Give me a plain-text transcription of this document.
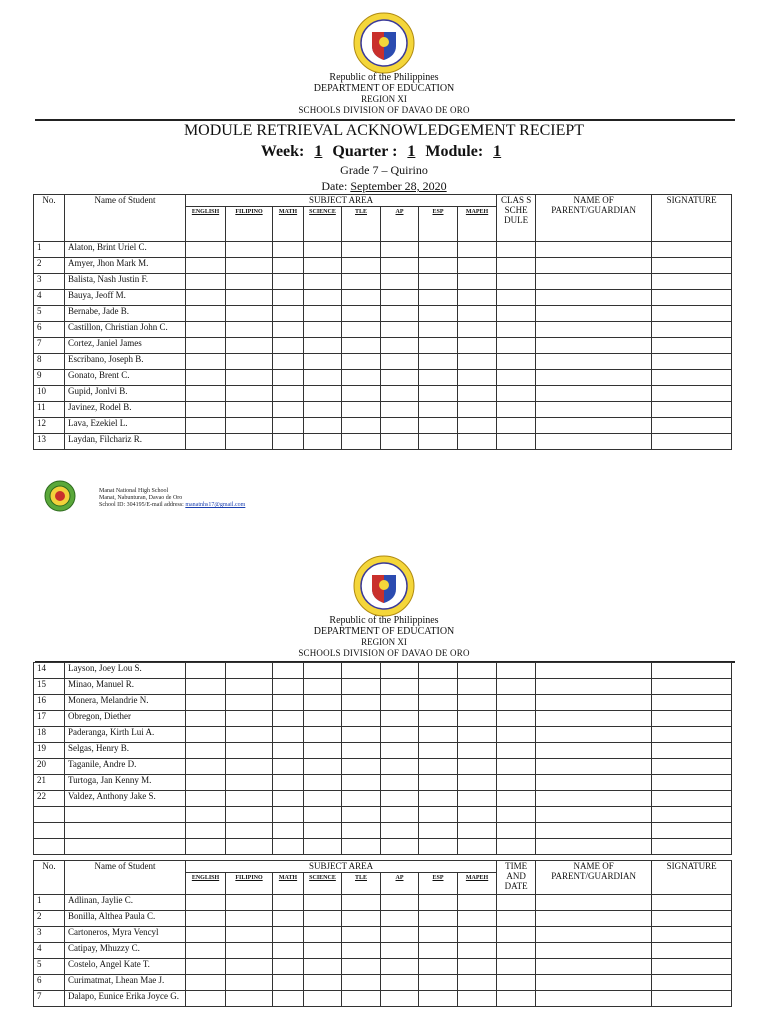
Republic of the Philippines
DEPARTMENT OF EDUCATION
REGION XI
SCHOOLS DIVISION OF DAVAO DE ORO
MODULE RETRIEVAL ACKNOWLEDGEMENT RECIEPT
Week: 1 Quarter : 1 Module: 1
Grade 7 – Quirino
Date: September 28, 2020
No.	Name of Student	SUBJECT AREA								CLAS S SCHE DULE	NAME OF PARENT/GUARDIAN	SIGNATURE
		ENGLISH	FILIPINO	MATH	SCIENCE	TLE	AP	ESP	MAPEH			
1	Alaton, Brint Uriel C.											
2	Amyer, Jhon Mark M.											
3	Balista, Nash Justin F.											
4	Bauya, Jeoff M.											
5	Bernabe, Jade B.											
6	Castillon, Christian John C.											
7	Cortez, Janiel James											
8	Escribano, Joseph B.											
9	Gonato, Brent C.											
10	Gupid, Jonlvi B.											
11	Javinez, Rodel B.											
12	Lava, Ezekiel L.											
13	Laydan, Filchariz R.											
Manat National High School
Manat, Nabunturan, Davao de Oro
School ID: 304195/E-mail address: manatnhs17@gmail.com
Republic of the Philippines
DEPARTMENT OF EDUCATION
REGION XI
SCHOOLS DIVISION OF DAVAO DE ORO
14	Layson, Joey Lou S.											
15	Minao, Manuel R.											
16	Monera, Melandrie N.											
17	Obregon, Diether											
18	Paderanga, Kirth Lui A.											
19	Selgas, Henry B.											
20	Taganile, Andre D.											
21	Turtoga, Jan Kenny M.											
22	Valdez, Anthony Jake S.											

No.	Name of Student	SUBJECT AREA								TIME AND DATE	NAME OF PARENT/GUARDIAN	SIGNATURE
		ENGLISH	FILIPINO	MATH	SCIENCE	TLE	AP	ESP	MAPEH			
1	Adlinan, Jaylie C.											
2	Bonilla, Althea Paula C.											
3	Cartoneros, Myra Vencyl											
4	Catipay, Mhuzzy C.											
5	Costelo, Angel Kate T.											
6	Curimatmat, Lhean Mae J.											
7	Dalapo, Eunice Erika Joyce G.											
